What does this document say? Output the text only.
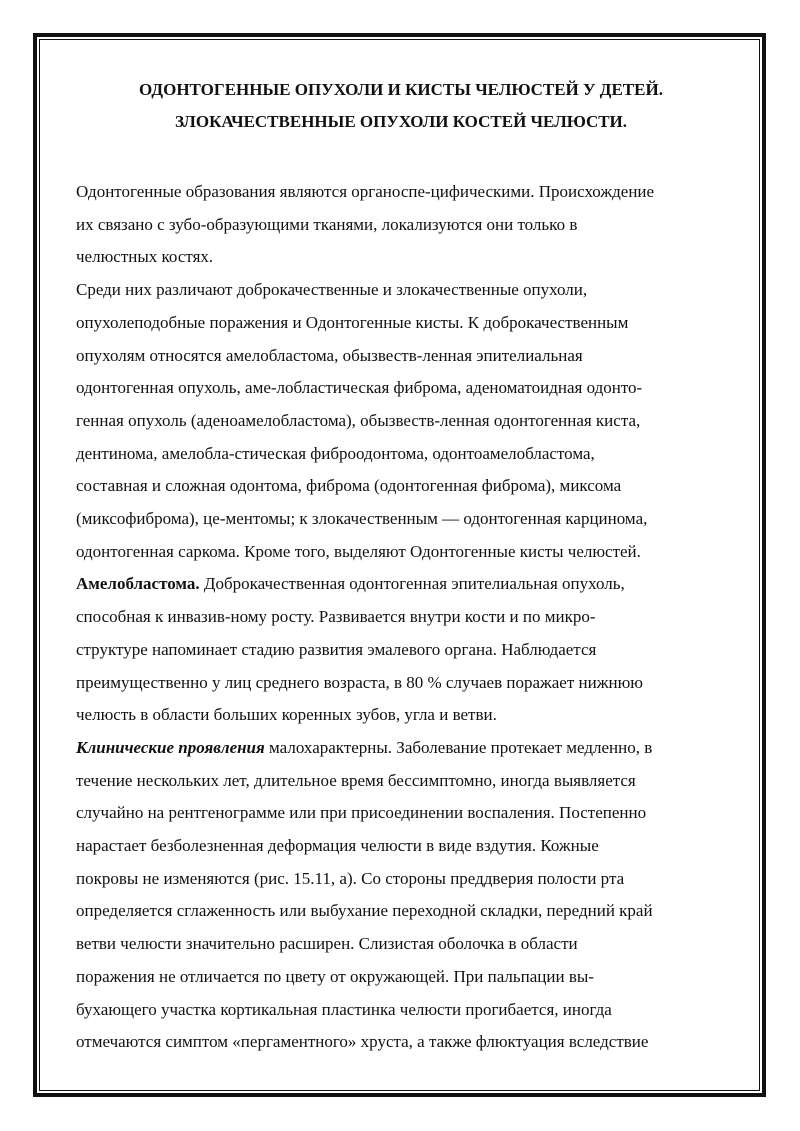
ОДОНТОГЕННЫЕ ОПУХОЛИ И КИСТЫ ЧЕЛЮСТЕЙ У ДЕТЕЙ.
ЗЛОКАЧЕСТВЕННЫЕ ОПУХОЛИ КОСТЕЙ ЧЕЛЮСТИ.

Одонтогенные образования являются органоспе-цифическими. Происхождение
их связано с зубо-образующими тканями, локализуются они только в
челюстных костях.

Среди них различают доброкачественные и злокачественные опухоли,
опухолеподобные поражения и Одонтогенные кисты. К доброкачественным
опухолям относятся амелобластома, обызвеств-ленная эпителиальная
одонтогенная опухоль, аме-лобластическая фиброма, аденоматоидная одонто-
генная опухоль (аденоамелобластома), обызвеств-ленная одонтогенная киста,
дентинома, амелобла-стическая фиброодонтома, одонтоамелобластома,
составная и сложная одонтома, фиброма (одонтогенная фиброма), миксома
(миксофиброма), це-ментомы; к злокачественным — одонтогенная карцинома,
одонтогенная саркома. Кроме того, выделяют Одонтогенные кисты челюстей.

Амелобластома. Доброкачественная одонтогенная эпителиальная опухоль,
способная к инвазив-ному росту. Развивается внутри кости и по микро-
структуре напоминает стадию развития эмалевого органа. Наблюдается
преимущественно у лиц среднего возраста, в 80 % случаев поражает нижнюю
челюсть в области больших коренных зубов, угла и ветви.

Клинические проявления малохарактерны. Заболевание протекает медленно, в
течение нескольких лет, длительное время бессимптомно, иногда выявляется
случайно на рентгенограмме или при присоединении воспаления. Постепенно
нарастает безболезненная деформация челюсти в виде вздутия. Кожные
покровы не изменяются (рис. 15.11, а). Со стороны преддверия полости рта
определяется сглаженность или выбухание переходной складки, передний край
ветви челюсти значительно расширен. Слизистая оболочка в области
поражения не отличается по цвету от окружающей. При пальпации вы-
бухающего участка кортикальная пластинка челюсти прогибается, иногда
отмечаются симптом «пергаментного» хруста, а также флюктуация вследствие
